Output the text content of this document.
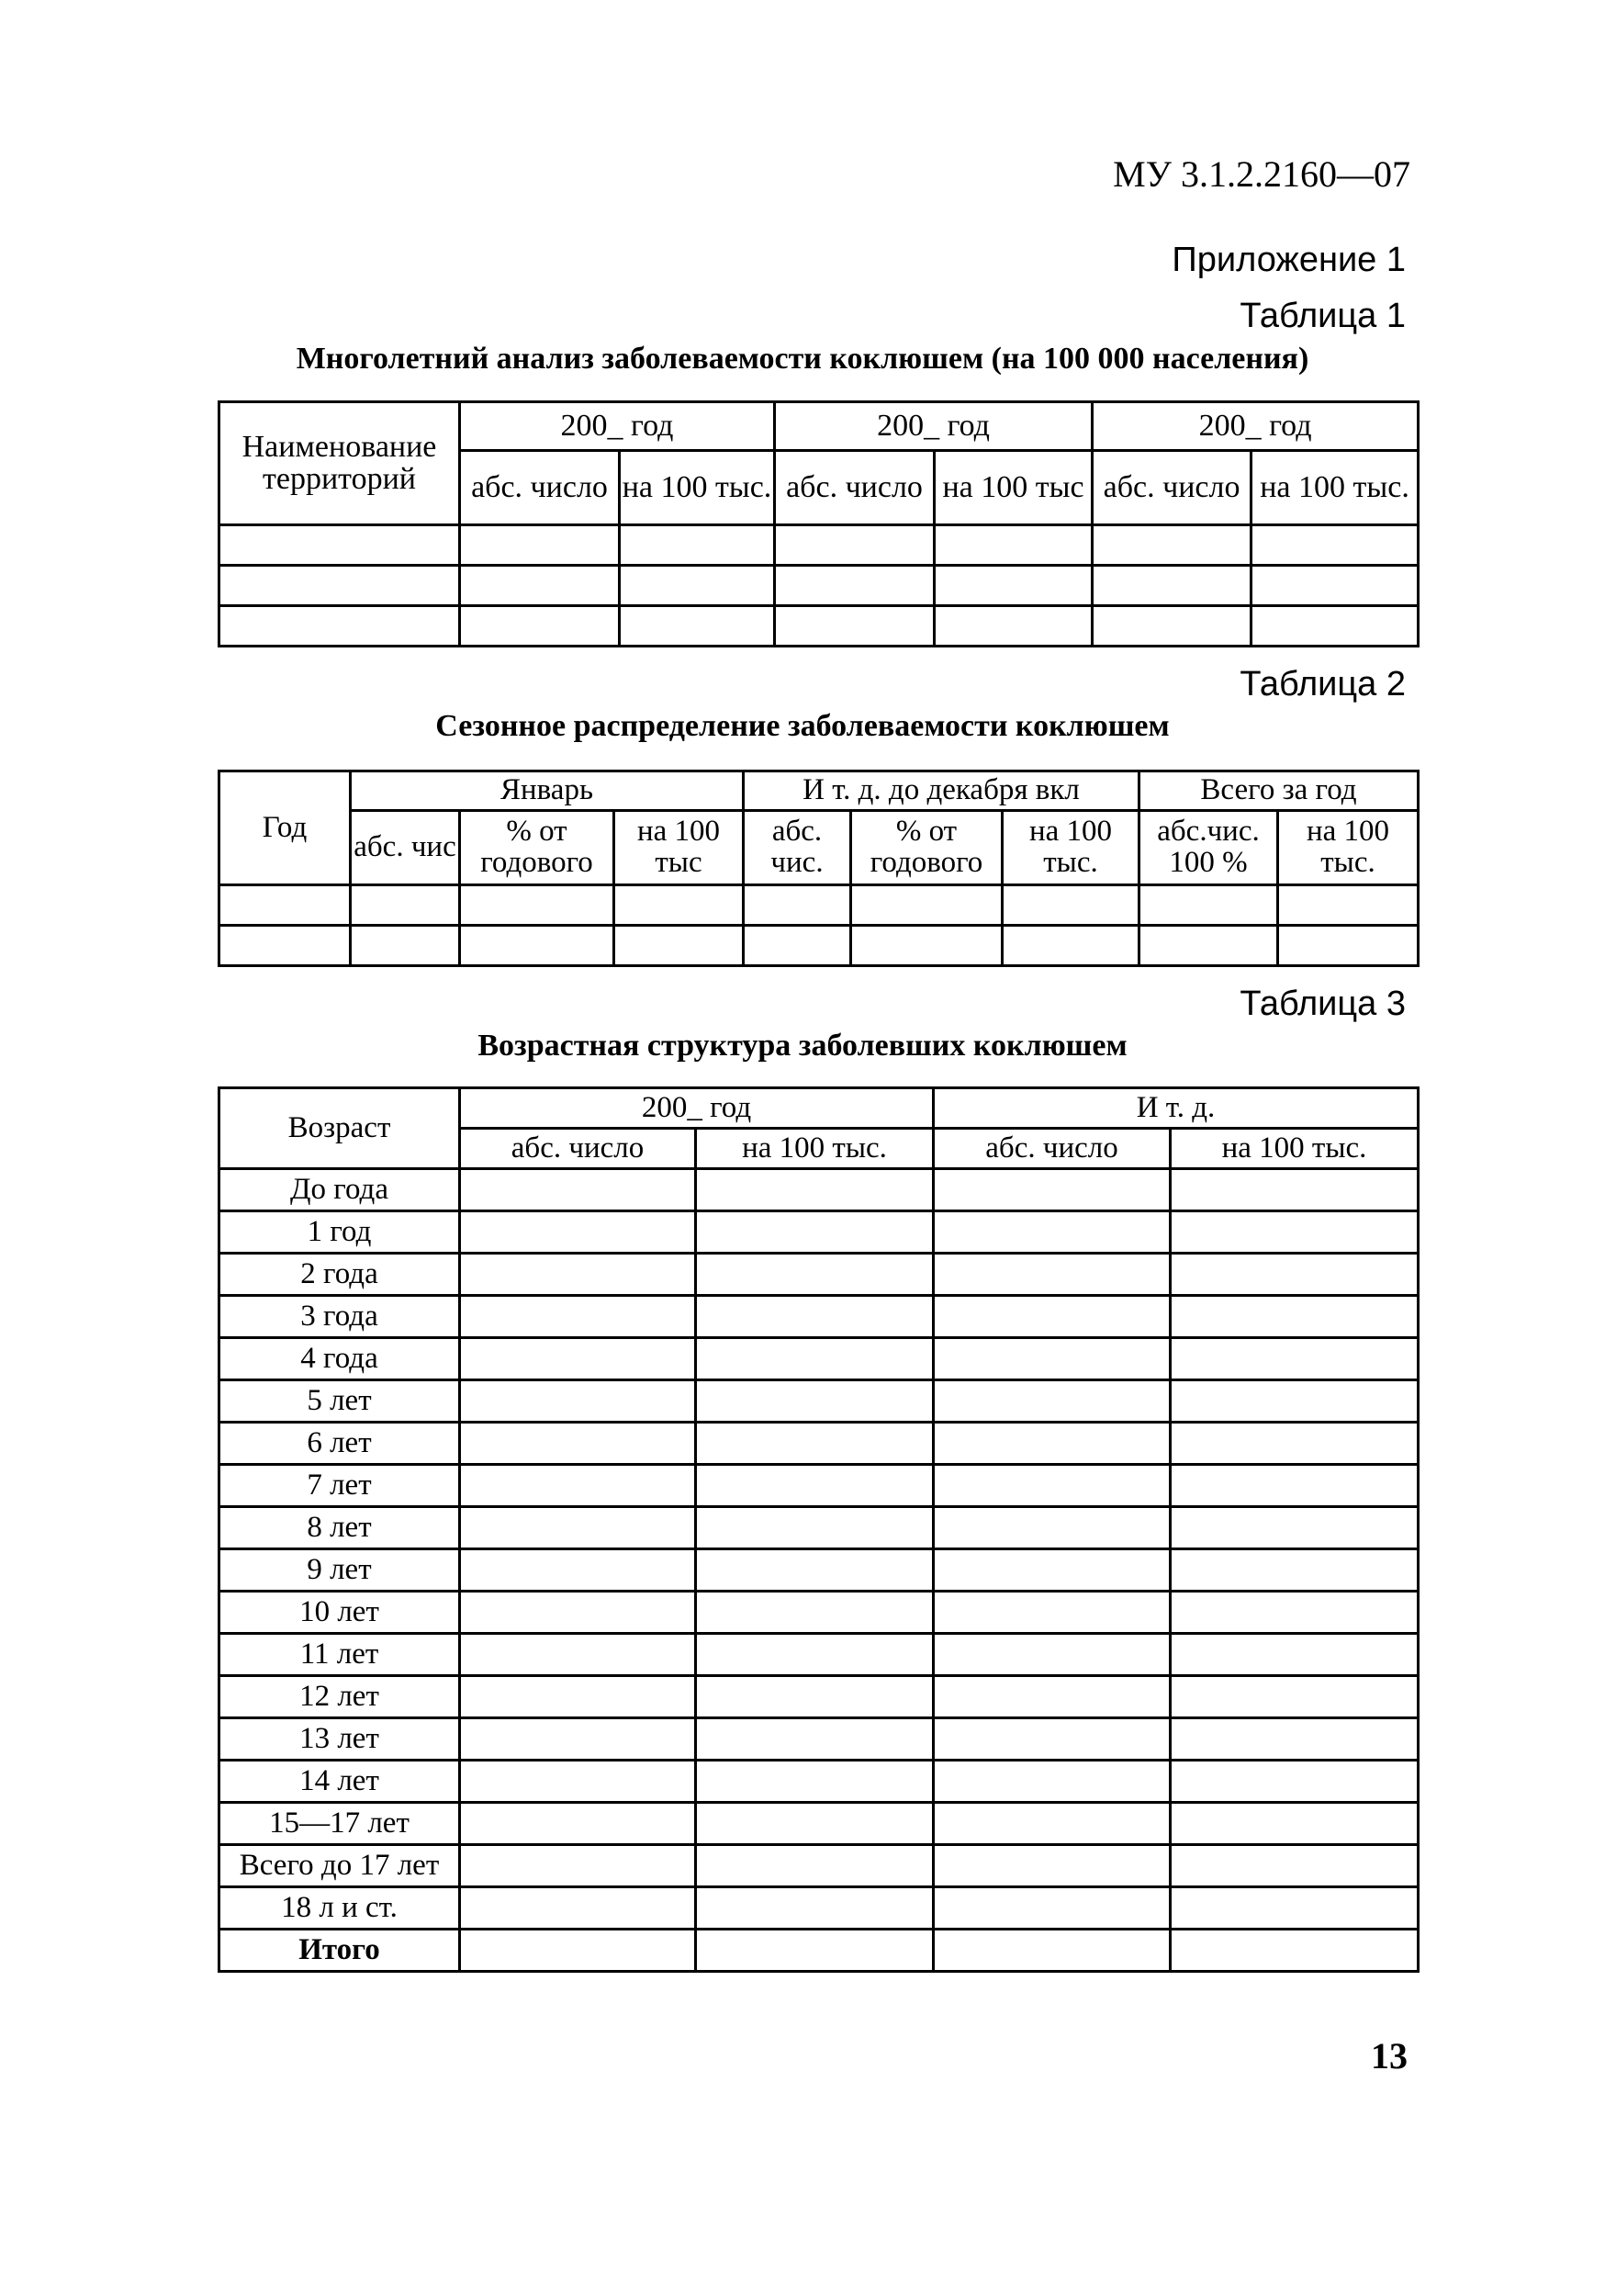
МУ 3.1.2.2160—07
Приложение 1
Таблица 1
Многолетний анализ заболеваемости коклюшем (на 100 000 населения)
Наименование территорий	200_ год		200_ год		200_ год	
	абс. число	на 100 тыс.	абс. число	на 100 тыс	абс. число	на 100 тыс.

Таблица 2
Сезонное распределение заболеваемости коклюшем
Год	Январь			И т. д. до декабря вкл			Всего за год	
	абс. чис	% от годового	на 100 тыс	абс. чис.	% от годового	на 100 тыс.	абс.чис. 100 %	на 100 тыс.

Таблица 3
Возрастная структура заболевших коклюшем
Возраст	200_ год		И т. д.	
	абс. число	на 100 тыс.	абс. число	на 100 тыс.
До года				
1 год				
2 года				
3 года				
4 года				
5 лет				
6 лет				
7 лет				
8 лет				
9 лет				
10 лет				
11 лет				
12 лет				
13 лет				
14 лет				
15—17 лет				
Всего до 17 лет				
18 л и ст.				
Итого				
13
